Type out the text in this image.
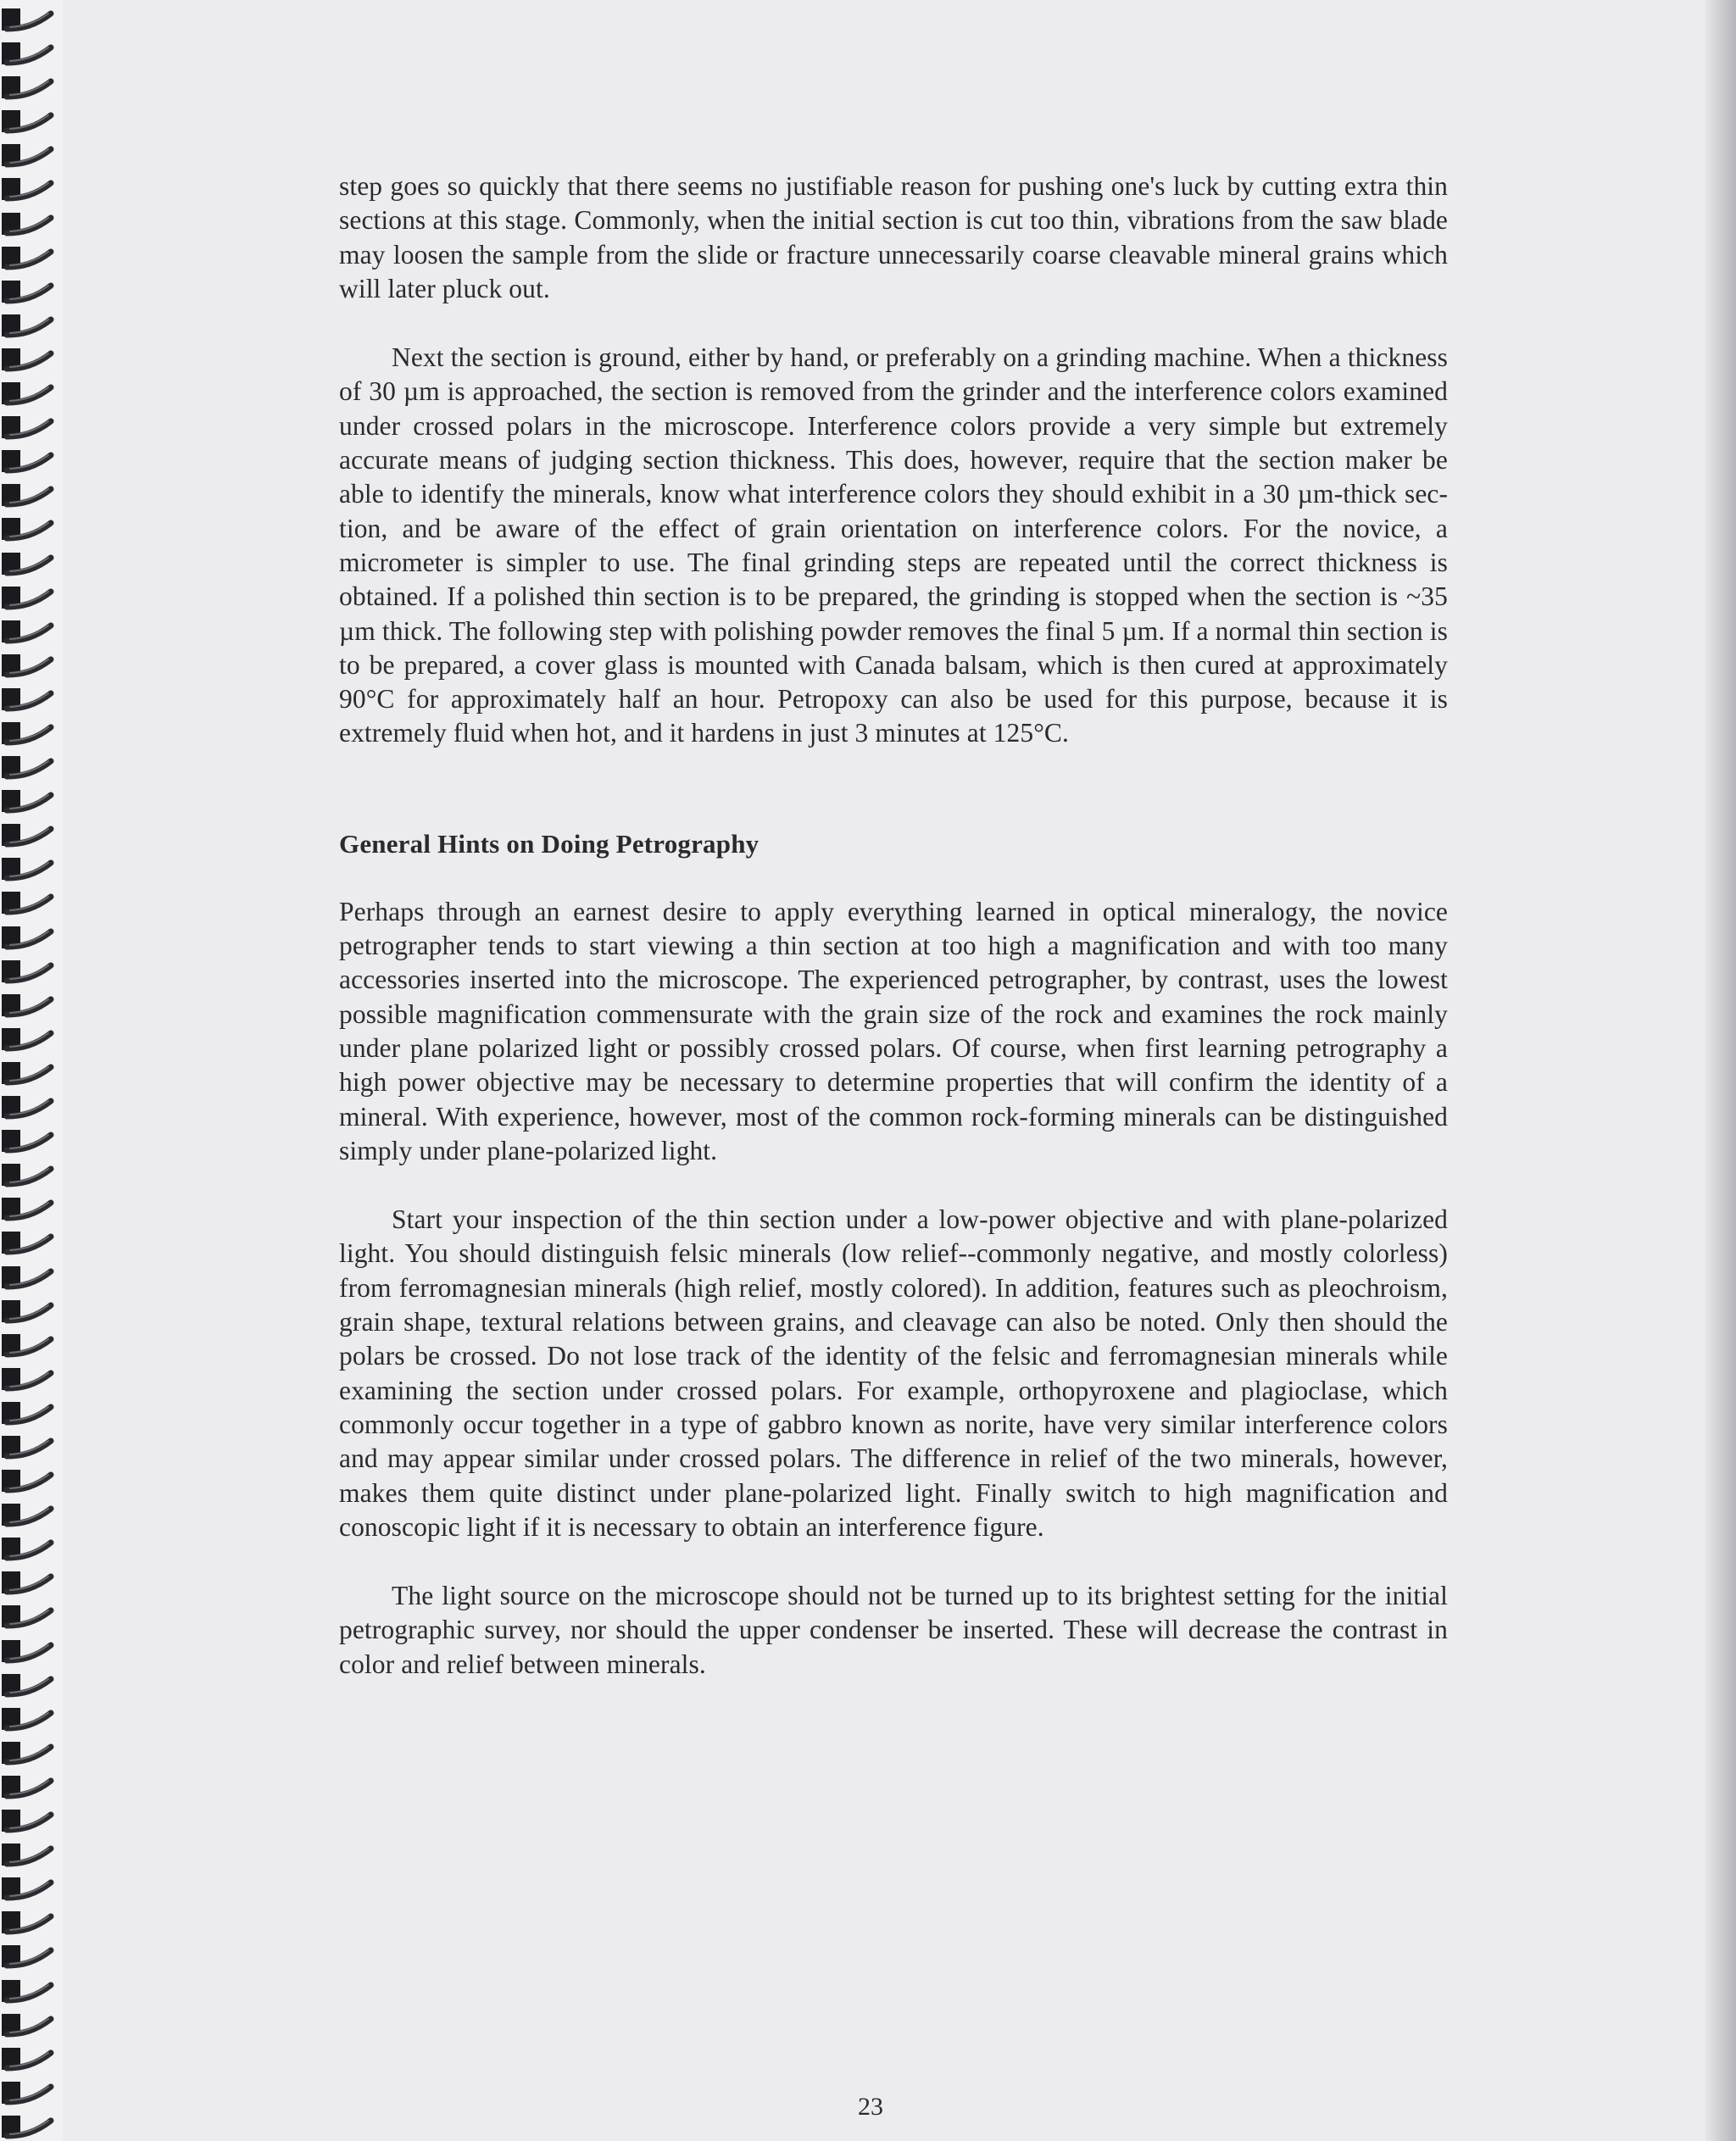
step goes so quickly that there seems no justifiable reason for pushing one's luck by cutting extra thin sections at this stage. Commonly, when the initial section is cut too thin, vibrations from the saw blade may loosen the sample from the slide or fracture unnecessarily coarse cleavable mineral grains which will later pluck out.

Next the section is ground, either by hand, or preferably on a grinding machine. When a thickness of 30 µm is approached, the section is removed from the grinder and the interference colors examined under crossed polars in the microscope. Interference colors provide a very simple but extremely accurate means of judging section thickness. This does, however, require that the section maker be able to identify the minerals, know what interference colors they should exhibit in a 30 µm-thick section, and be aware of the effect of grain orientation on interference colors. For the novice, a micrometer is simpler to use. The final grinding steps are repeated until the correct thickness is obtained. If a polished thin section is to be prepared, the grinding is stopped when the section is ~35 µm thick. The following step with polishing powder removes the final 5 µm. If a normal thin section is to be prepared, a cover glass is mounted with Canada balsam, which is then cured at approximately 90°C for approximately half an hour. Petropoxy can also be used for this purpose, because it is extremely fluid when hot, and it hardens in just 3 minutes at 125°C.

General Hints on Doing Petrography

Perhaps through an earnest desire to apply everything learned in optical mineralogy, the novice petrographer tends to start viewing a thin section at too high a magnification and with too many accessories inserted into the microscope. The experienced petrographer, by contrast, uses the lowest possible magnification commensurate with the grain size of the rock and examines the rock mainly under plane polarized light or possibly crossed polars. Of course, when first learning petrography a high power objective may be necessary to determine properties that will confirm the identity of a mineral. With experience, however, most of the common rock-forming minerals can be distinguished simply under plane-polarized light.

Start your inspection of the thin section under a low-power objective and with plane-polarized light. You should distinguish felsic minerals (low relief--commonly negative, and mostly colorless) from ferromagnesian minerals (high relief, mostly colored). In addition, features such as pleochroism, grain shape, textural relations between grains, and cleavage can also be noted. Only then should the polars be crossed. Do not lose track of the identity of the felsic and ferromagnesian minerals while examining the section under crossed polars. For example, orthopyroxene and plagioclase, which commonly occur together in a type of gabbro known as norite, have very similar interference colors and may appear similar under crossed polars. The difference in relief of the two minerals, however, makes them quite distinct under plane-polarized light. Finally switch to high magnification and conoscopic light if it is necessary to obtain an interference figure.

The light source on the microscope should not be turned up to its brightest setting for the initial petrographic survey, nor should the upper condenser be inserted. These will decrease the contrast in color and relief between minerals.

23
